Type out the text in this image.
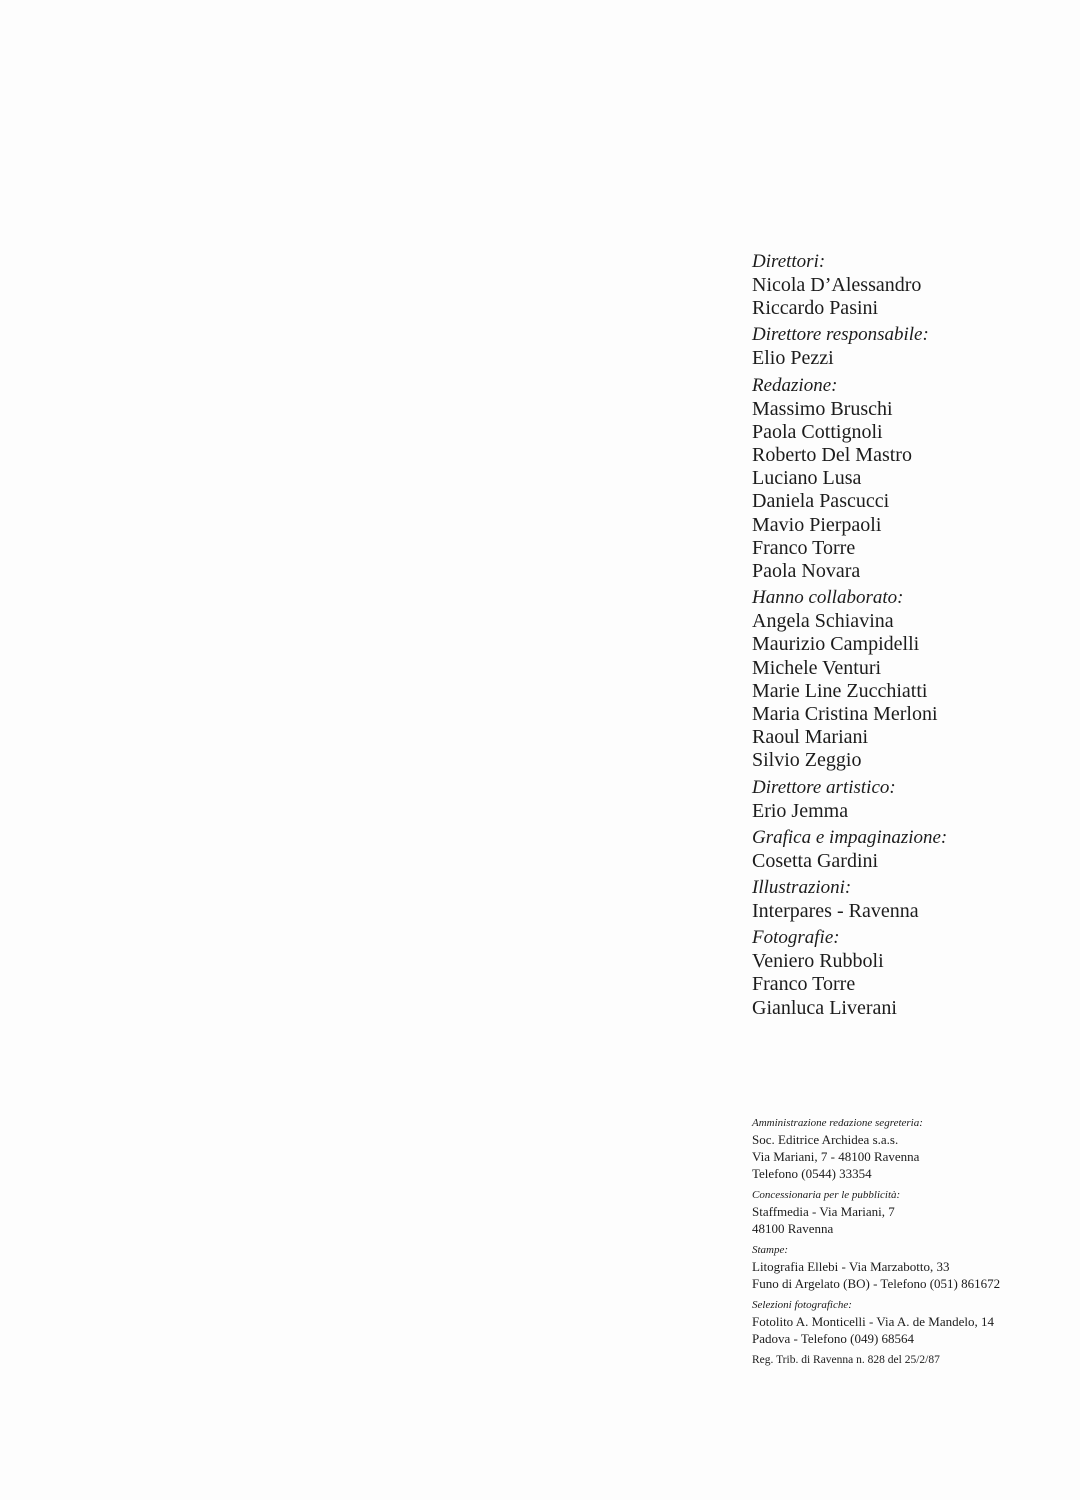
Direttori:
Nicola D’Alessandro
Riccardo Pasini
Direttore responsabile:
Elio Pezzi
Redazione:
Massimo Bruschi
Paola Cottignoli
Roberto Del Mastro
Luciano Lusa
Daniela Pascucci
Mavio Pierpaoli
Franco Torre
Paola Novara
Hanno collaborato:
Angela Schiavina
Maurizio Campidelli
Michele Venturi
Marie Line Zucchiatti
Maria Cristina Merloni
Raoul Mariani
Silvio Zeggio
Direttore artistico:
Erio Jemma
Grafica e impaginazione:
Cosetta Gardini
Illustrazioni:
Interpares - Ravenna
Fotografie:
Veniero Rubboli
Franco Torre
Gianluca Liverani
Amministrazione redazione segreteria:
Soc. Editrice Archidea s.a.s.
Via Mariani, 7 - 48100 Ravenna
Telefono (0544) 33354
Concessionaria per le pubblicità:
Staffmedia - Via Mariani, 7
48100 Ravenna
Stampe:
Litografia Ellebi - Via Marzabotto, 33
Funo di Argelato (BO) - Telefono (051) 861672
Selezioni fotografiche:
Fotolito A. Monticelli - Via A. de Mandelo, 14
Padova - Telefono (049) 68564
Reg. Trib. di Ravenna n. 828 del 25/2/87
